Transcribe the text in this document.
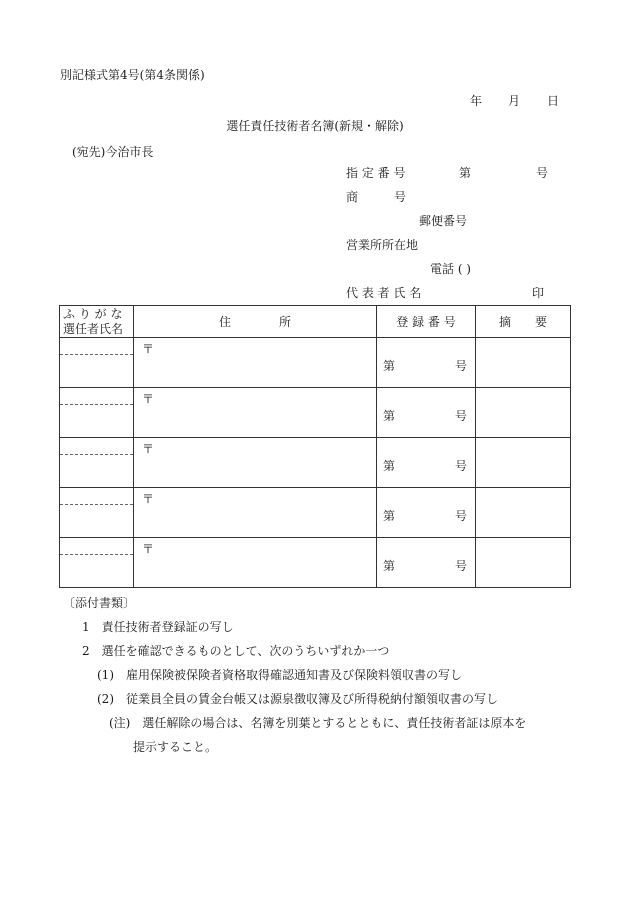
別記様式第4号(第4条関係)
年 月 日
選任責任技術者名簿(新規・解除)
(宛先)今治市長
指 定 番 号	第	号
商　　　号
郵便番号
営業所所在地
電話 ( )
代 表 者 氏 名	印
ふ り が な
選任者氏名	住　　　　所	登 録 番 号	摘　　要

	〒	第 号	

	〒	第 号	

	〒	第 号	

	〒	第 号	

	〒	第 号	

〔添付書類〕
1　責任技術者登録証の写し
2　選任を確認できるものとして、次のうちいずれか一つ
(1)　雇用保険被保険者資格取得確認通知書及び保険料領収書の写し
(2)　従業員全員の賃金台帳又は源泉徴収簿及び所得税納付額領収書の写し
(注)　選任解除の場合は、名簿を別葉とするとともに、責任技術者証は原本を
提示すること。
